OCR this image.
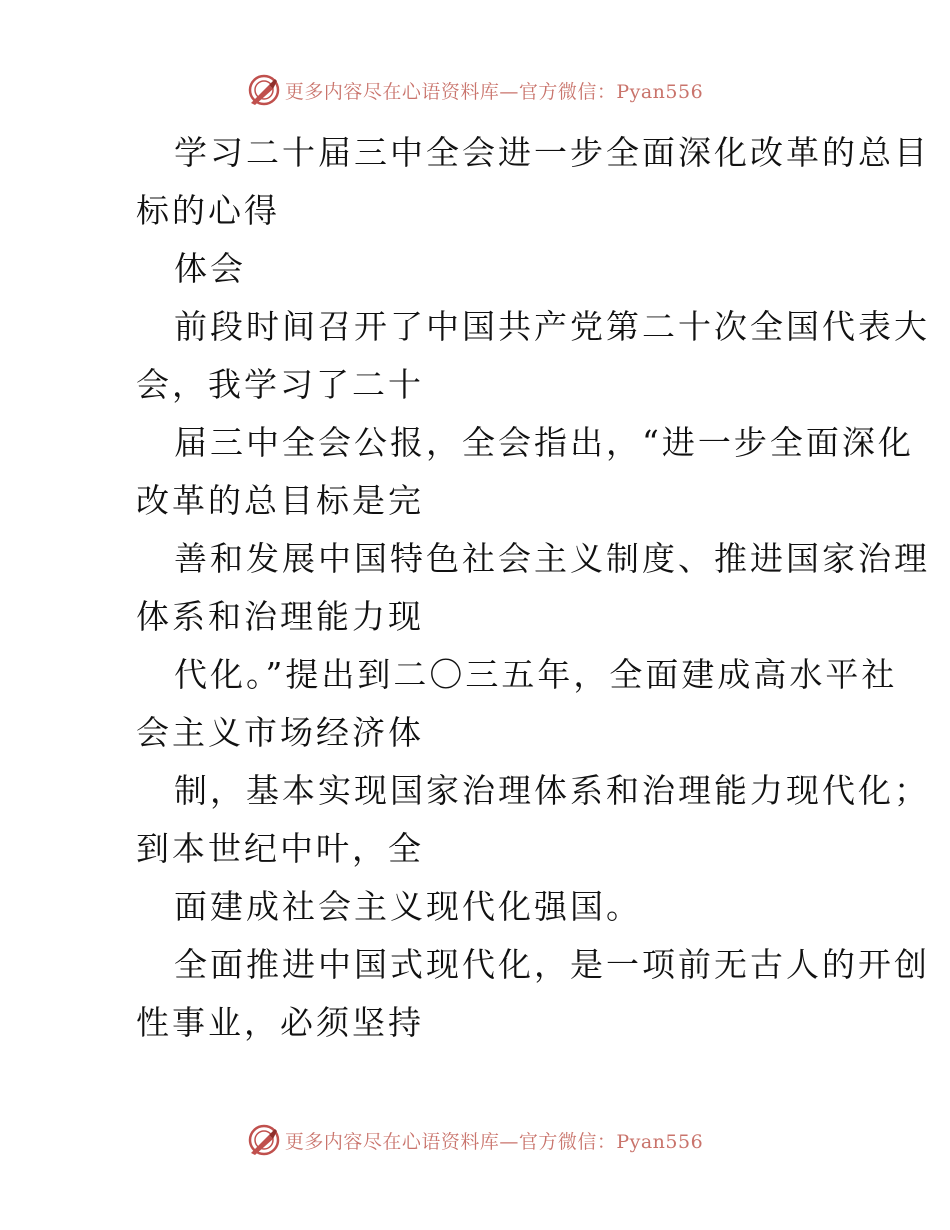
更多内容尽在心语资料库—官方微信：Pyan556
学习二十届三中全会进一步全面深化改革的总目
标的心得
体会
前段时间召开了中国共产党第二十次全国代表大
会，我学习了二十
届三中全会公报，全会指出，“进一步全面深化
改革的总目标是完
善和发展中国特色社会主义制度、推进国家治理
体系和治理能力现
代化。”提出到二〇三五年，全面建成高水平社
会主义市场经济体
制，基本实现国家治理体系和治理能力现代化；
到本世纪中叶，全
面建成社会主义现代化强国。
全面推进中国式现代化，是一项前无古人的开创
性事业，必须坚持
更多内容尽在心语资料库—官方微信：Pyan556
